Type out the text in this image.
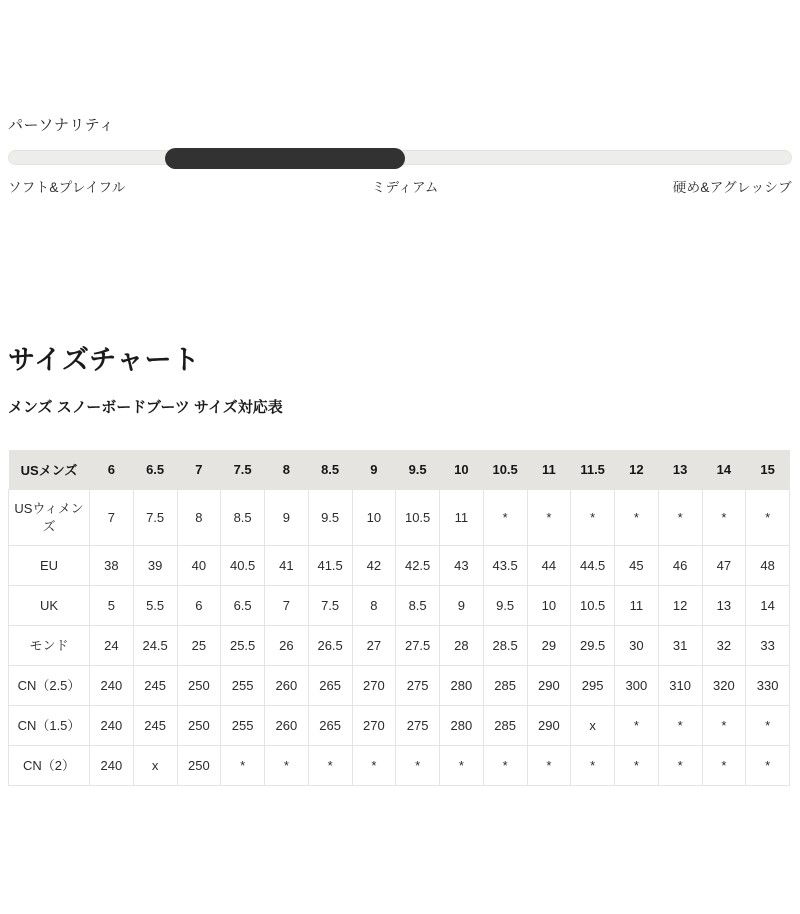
パーソナリティ
ソフト&プレイフル	ミディアム	硬め&アグレッシブ
サイズチャート
メンズ スノーボードブーツ サイズ対応表
USメンズ	6	6.5	7	7.5	8	8.5	9	9.5	10	10.5	11	11.5	12	13	14	15
USウィメンズ	7	7.5	8	8.5	9	9.5	10	10.5	11	*	*	*	*	*	*	*
EU	38	39	40	40.5	41	41.5	42	42.5	43	43.5	44	44.5	45	46	47	48
UK	5	5.5	6	6.5	7	7.5	8	8.5	9	9.5	10	10.5	11	12	13	14
モンド	24	24.5	25	25.5	26	26.5	27	27.5	28	28.5	29	29.5	30	31	32	33
CN（2.5）	240	245	250	255	260	265	270	275	280	285	290	295	300	310	320	330
CN（1.5）	240	245	250	255	260	265	270	275	280	285	290	x	*	*	*	*
CN（2）	240	x	250	*	*	*	*	*	*	*	*	*	*	*	*	*
